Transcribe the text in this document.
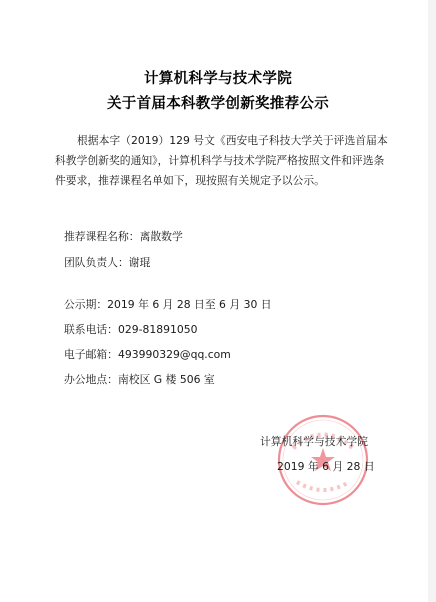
计算机科学与技术学院
关于首届本科教学创新奖推荐公示

根据本字（2019）129 号文《西安电子科技大学关于评选首届本科教学创新奖的通知》，计算机科学与技术学院严格按照文件和评选条件要求，推荐课程名单如下，现按照有关规定予以公示。

推荐课程名称：离散数学
团队负责人：谢琨
公示期：2019 年 6 月 28 日至 6 月 30 日
联系电话：029-81891050
电子邮箱：493990329@qq.com
办公地点：南校区 G 楼 506 室
计算机科学与技术学院
2019 年 6 月 28 日
